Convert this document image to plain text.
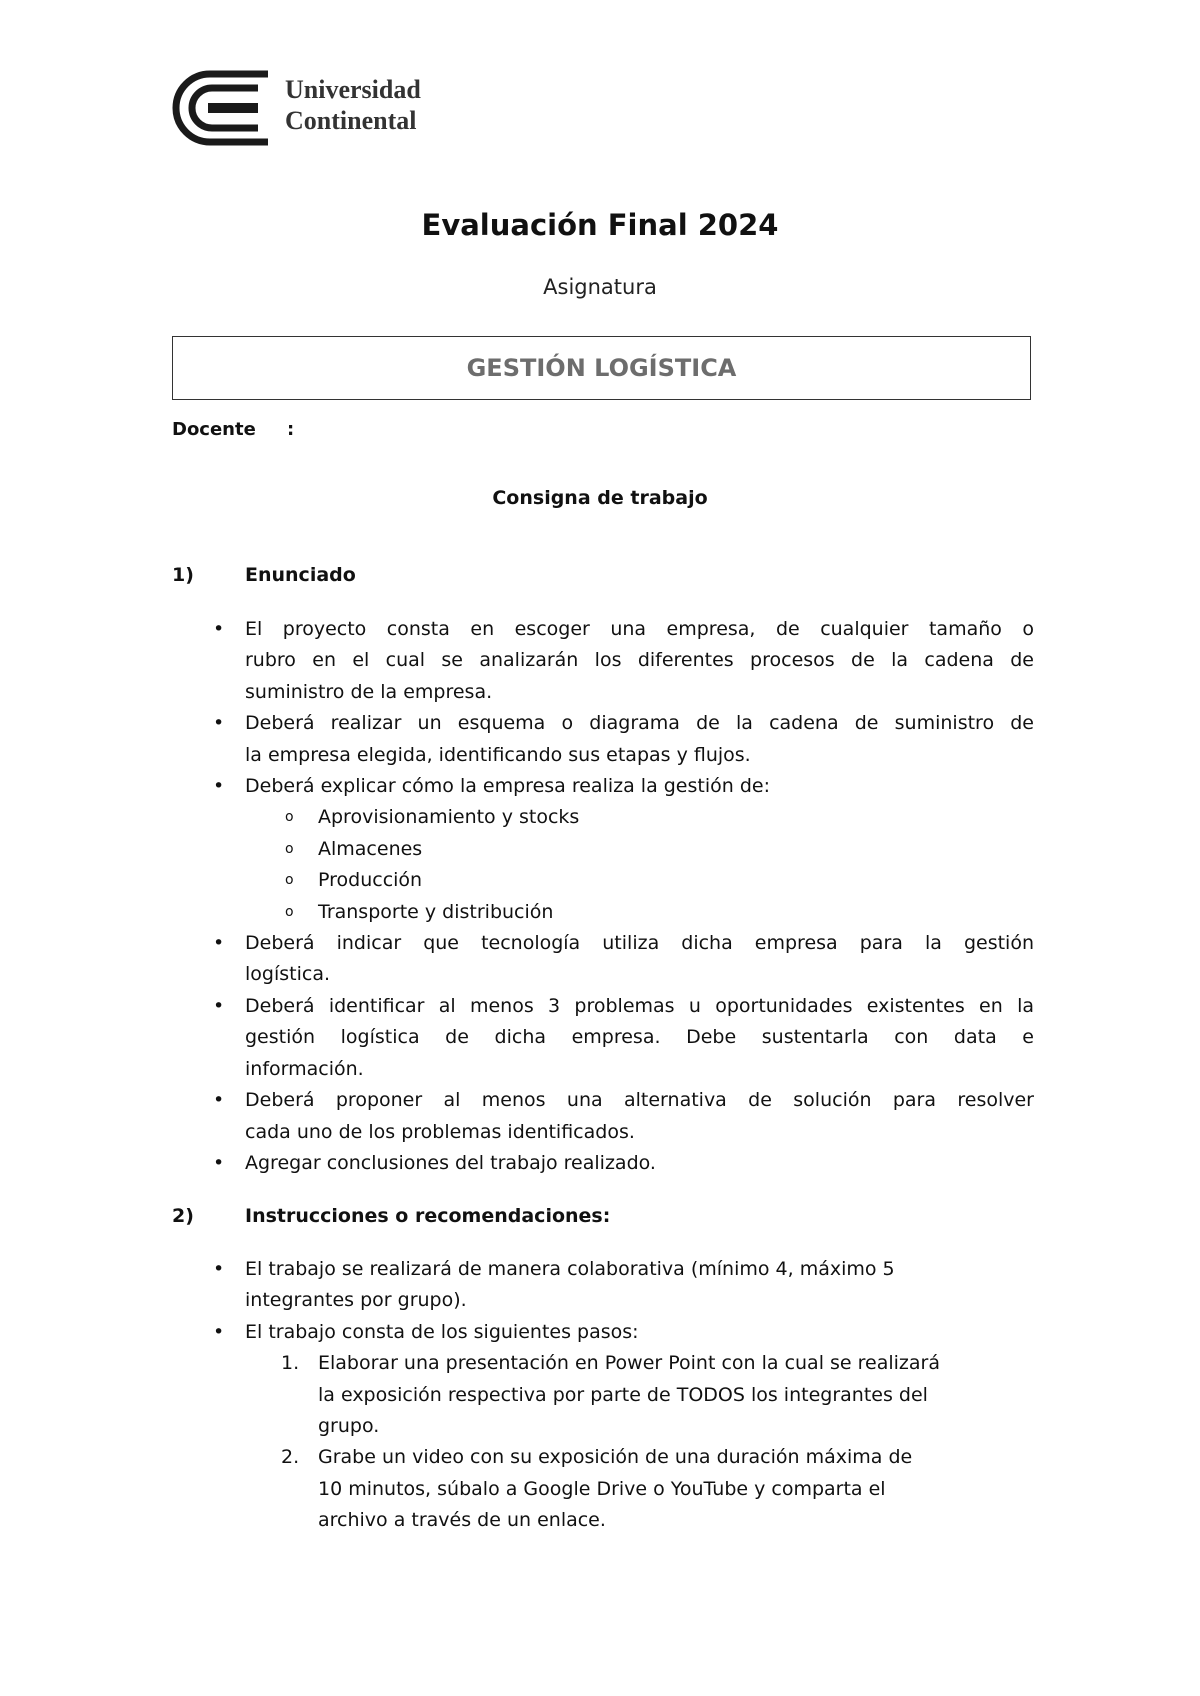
Universidad
Continental
Evaluación Final 2024
Asignatura
GESTIÓN LOGÍSTICA
Docente :
Consigna de trabajo
1)	Enunciado
• El proyecto consta en escoger una empresa, de cualquier tamaño o
rubro en el cual se analizarán los diferentes procesos de la cadena de
suministro de la empresa.
• Deberá realizar un esquema o diagrama de la cadena de suministro de
la empresa elegida, identificando sus etapas y flujos.
• Deberá explicar cómo la empresa realiza la gestión de:
o Aprovisionamiento y stocks
o Almacenes
o Producción
o Transporte y distribución
• Deberá indicar que tecnología utiliza dicha empresa para la gestión
logística.
• Deberá identificar al menos 3 problemas u oportunidades existentes en la
gestión logística de dicha empresa. Debe sustentarla con data e
información.
• Deberá proponer al menos una alternativa de solución para resolver
cada uno de los problemas identificados.
• Agregar conclusiones del trabajo realizado.
2)	Instrucciones o recomendaciones:
• El trabajo se realizará de manera colaborativa (mínimo 4, máximo 5
integrantes por grupo).
• El trabajo consta de los siguientes pasos:
1. Elaborar una presentación en Power Point con la cual se realizará
la exposición respectiva por parte de TODOS los integrantes del
grupo.
2. Grabe un video con su exposición de una duración máxima de
10 minutos, súbalo a Google Drive o YouTube y comparta el
archivo a través de un enlace.
